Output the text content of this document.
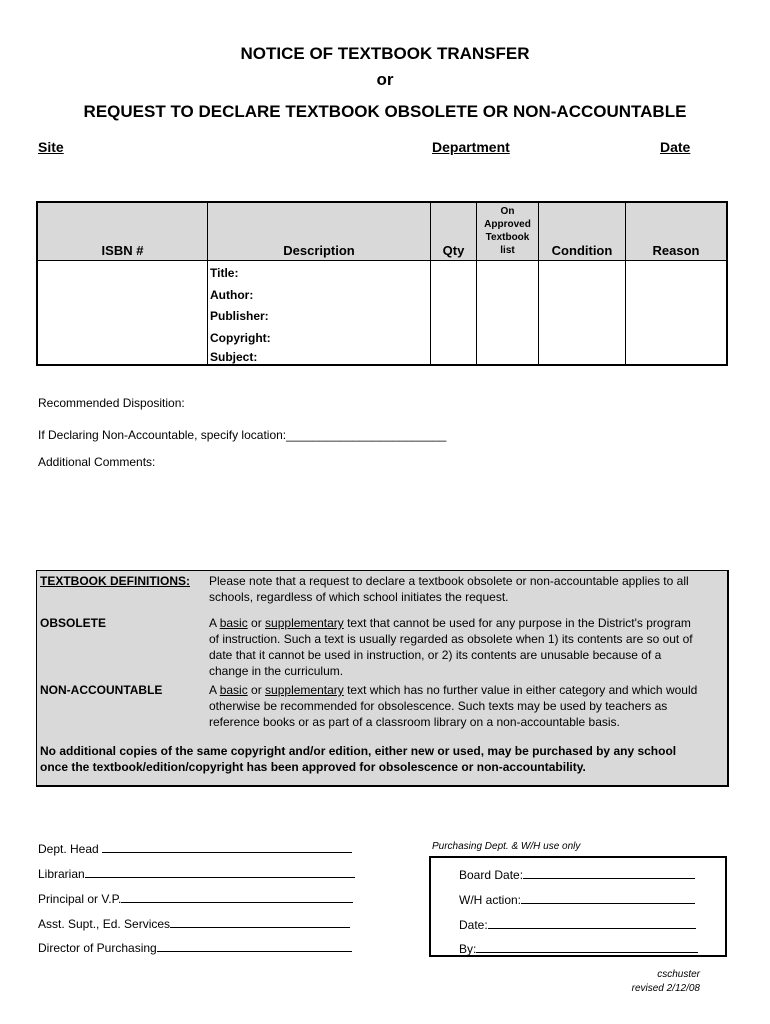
NOTICE OF TEXTBOOK TRANSFER
or
REQUEST TO DECLARE TEXTBOOK OBSOLETE OR NON-ACCOUNTABLE
Site	Department	Date
ISBN #	Description	Qty
On
Approved
Textbook
list	Condition	Reason
Title:
Author:
Publisher:
Copyright:
Subject:
Recommended Disposition:
If Declaring Non-Accountable, specify location:________________________
Additional Comments:
TEXTBOOK DEFINITIONS: Please note that a request to declare a textbook obsolete or non-accountable applies to all
schools, regardless of which school initiates the request.
OBSOLETE	A basic or supplementary text that cannot be used for any purpose in the District's program
of instruction. Such a text is usually regarded as obsolete when 1) its contents are so out of
date that it cannot be used in instruction, or 2) its contents are unusable because of a
change in the curriculum.
NON-ACCOUNTABLE	A basic or supplementary text which has no further value in either category and which would
otherwise be recommended for obsolescence. Such texts may be used by teachers as
reference books or as part of a classroom library on a non-accountable basis.
No additional copies of the same copyright and/or edition, either new or used, may be purchased by any school
once the textbook/edition/copyright has been approved for obsolescence or non-accountability.
Dept. Head
Librarian
Principal or V.P.
Asst. Supt., Ed. Services
Director of Purchasing
Purchasing Dept. & W/H use only
Board Date:
W/H action:
Date:
By:
cschuster
revised 2/12/08
